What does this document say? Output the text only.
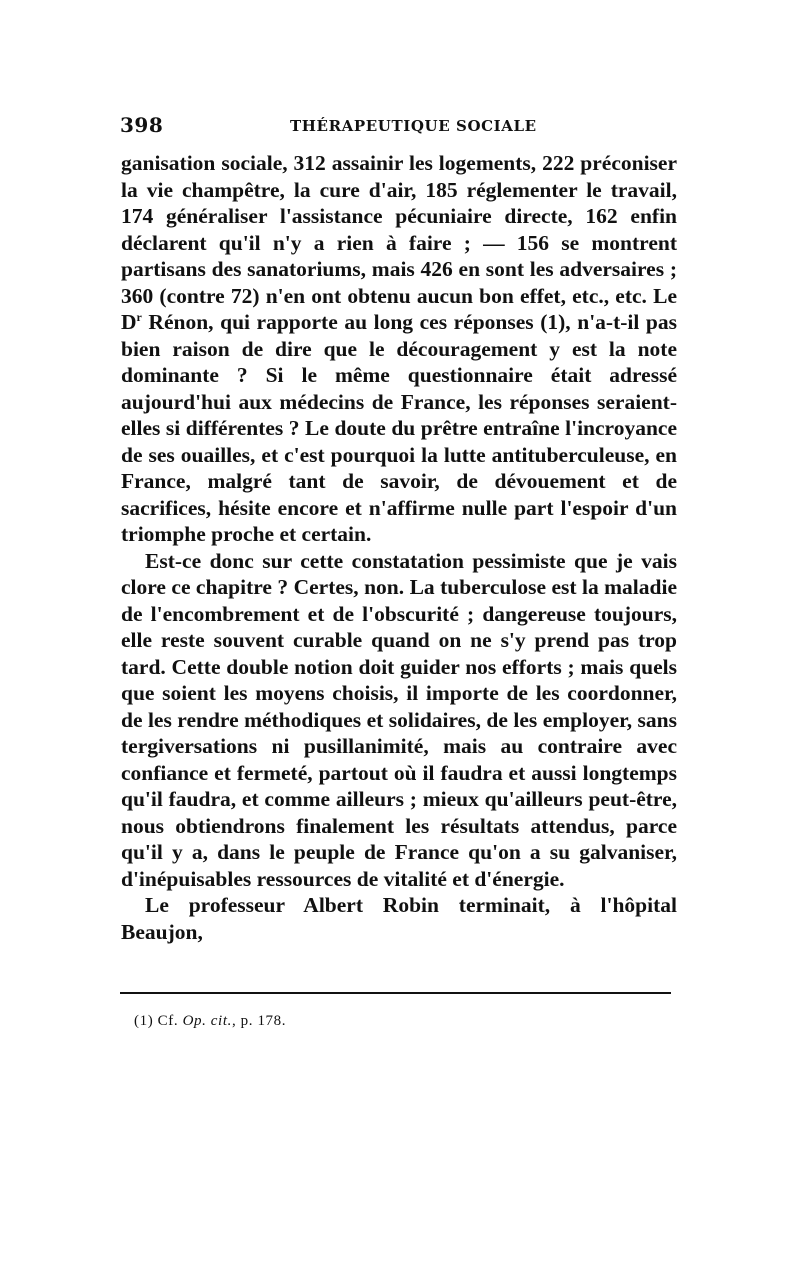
398	THÉRAPEUTIQUE SOCIALE

ganisation sociale, 312 assainir les logements, 222 préconiser la vie champêtre, la cure d'air, 185 réglementer le travail, 174 généraliser l'assistance pécuniaire directe, 162 enfin déclarent qu'il n'y a rien à faire ; — 156 se montrent partisans des sanatoriums, mais 426 en sont les adversaires ; 360 (contre 72) n'en ont obtenu aucun bon effet, etc., etc. Le $D^r$ Rénon, qui rapporte au long ces réponses (1), n'a-t-il pas bien raison de dire que le découragement y est la note dominante ? Si le même questionnaire était adressé aujourd'hui aux médecins de France, les réponses seraient-elles si différentes ? Le doute du prêtre entraîne l'incroyance de ses ouailles, et c'est pourquoi la lutte antituberculeuse, en France, malgré tant de savoir, de dévouement et de sacrifices, hésite encore et n'affirme nulle part l'espoir d'un triomphe proche et certain.

Est-ce donc sur cette constatation pessimiste que je vais clore ce chapitre ? Certes, non. La tuberculose est la maladie de l'encombrement et de l'obscurité ; dangereuse toujours, elle reste souvent curable quand on ne s'y prend pas trop tard. Cette double notion doit guider nos efforts ; mais quels que soient les moyens choisis, il importe de les coordonner, de les rendre méthodiques et solidaires, de les employer, sans tergiversations ni pusillanimité, mais au contraire avec confiance et fermeté, partout où il faudra et aussi longtemps qu'il faudra, et comme ailleurs ; mieux qu'ailleurs peut-être, nous obtiendrons finalement les résultats attendus, parce qu'il y a, dans le peuple de France qu'on a su galvaniser, d'inépuisables ressources de vitalité et d'énergie.

Le professeur Albert Robin terminait, à l'hôpital Beaujon,

(1) Cf. Op. cit., p. 178.
